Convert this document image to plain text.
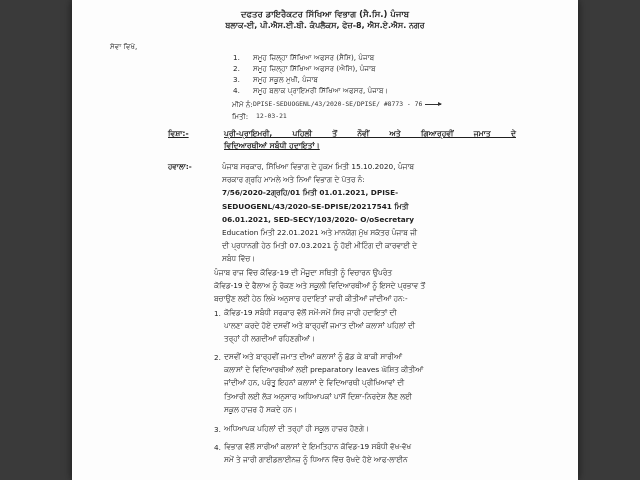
ਦਫਤਰ ਡਾਇਰੈਕਟਰ ਸਿੱਖਿਆ ਵਿਭਾਗ (ਸੈ.ਸਿ.) ਪੰਜਾਬ
ਬਲਾਕ-ਈ, ਪੀ.ਐਸ.ਈ.ਬੀ. ਕੰਪਲੈਕਸ, ਫੇਜ਼-8, ਐਸ.ਏ.ਐਸ. ਨਗਰ
ਸੇਵਾ ਵਿਖੇ,
1. ਸਮੂਹ ਜ਼ਿਲ੍ਹਾ ਸਿੱਖਿਆ ਅਫਸਰ (ਸੈਸਿ), ਪੰਜਾਬ
2. ਸਮੂਹ ਜ਼ਿਲ੍ਹਾ ਸਿੱਖਿਆ ਅਫਸਰ (ਐਸਿ), ਪੰਜਾਬ
3. ਸਮੂਹ ਸਕੂਲ ਮੁਖੀ, ਪੰਜਾਬ
4. ਸਮੂਹ ਬਲਾਕ ਪ੍ਰਾਇਮਰੀ ਸਿੱਖਿਆ ਅਫਸਰ, ਪੰਜਾਬ।
ਮੀਮੋ ਨੰ: DPISE-SEDUOGENL/43/2020-SE/DPISE/ #8773 - 76
ਮਿਤੀ: 12-03-21
ਵਿਸ਼ਾ:-	ਪ੍ਰੀ-ਪ੍ਰਾਇਮਰੀ, ਪਹਿਲੀ ਤੋਂ ਨੌਵੀਂ ਅਤੇ ਗਿਆਰ੍ਹਵੀਂ ਜਮਾਤ ਦੇ
ਵਿਦਿਆਰਥੀਆਂ ਸਬੰਧੀ ਹਦਾਇਤਾਂ।
ਹਵਾਲਾ:-	ਪੰਜਾਬ ਸਰਕਾਰ, ਸਿੱਖਿਆ ਵਿਭਾਗ ਦੇ ਹੁਕਮ ਮਿਤੀ 15.10.2020, ਪੰਜਾਬ
ਸਰਕਾਰ ਗ੍ਰਹਿ ਮਾਮਲੇ ਅਤੇ ਨਿਆਂ ਵਿਭਾਗ ਦੇ ਪੱਤਰ ਨੰ:
7/56/2020-2ਗ੍ਰਹਿ/01 ਮਿਤੀ 01.01.2021, DPISE-
SEDUOGENL/43/2020-SE-DPISE/20217541 ਮਿਤੀ
06.01.2021, SED-SECY/103/2020- O/oSecretary
Education ਮਿਤੀ 22.01.2021 ਅਤੇ ਮਾਨਯੋਗ ਮੁੱਖ ਸਕੱਤਰ ਪੰਜਾਬ ਜੀ
ਦੀ ਪ੍ਰਧਾਨਗੀ ਹੇਠ ਮਿਤੀ 07.03.2021 ਨੂੰ ਹੋਈ ਮੀਟਿੰਗ ਦੀ ਕਾਰਵਾਈ ਦੇ
ਸਬੰਧ ਵਿੱਚ।
ਪੰਜਾਬ ਰਾਜ ਵਿੱਚ ਕੋਵਿਡ-19 ਦੀ ਮੌਜੂਦਾ ਸਥਿਤੀ ਨੂੰ ਵਿਚਾਰਨ ਉਪਰੰਤ
ਕੋਵਿਡ-19 ਦੇ ਫੈਲਾਅ ਨੂੰ ਰੋਕਣ ਅਤੇ ਸਕੂਲੀ ਵਿਦਿਆਰਥੀਆਂ ਨੂੰ ਇਸਦੇ ਪ੍ਰਭਾਵ ਤੋਂ
ਬਚਾਉਣ ਲਈ ਹੇਠ ਲਿਖੇ ਅਨੁਸਾਰ ਹਦਾਇਤਾਂ ਜਾਰੀ ਕੀਤੀਆਂ ਜਾਂਦੀਆਂ ਹਨ:-
1. ਕੋਵਿਡ-19 ਸਬੰਧੀ ਸਰਕਾਰ ਵੱਲੋਂ ਸਮੇਂ-ਸਮੇਂ ਸਿਰ ਜਾਰੀ ਹਦਾਇਤਾਂ ਦੀ
ਪਾਲਣਾ ਕਰਦੇ ਹੋਏ ਦਸਵੀਂ ਅਤੇ ਬਾਰ੍ਹਵੀਂ ਜਮਾਤ ਦੀਆਂ ਕਲਾਸਾਂ ਪਹਿਲਾਂ ਦੀ
ਤਰ੍ਹਾਂ ਹੀ ਲਗਦੀਆਂ ਰਹਿਣਗੀਆਂ।
2. ਦਸਵੀਂ ਅਤੇ ਬਾਰ੍ਹਵੀਂ ਜਮਾਤ ਦੀਆਂ ਕਲਾਸਾਂ ਨੂੰ ਛੱਡ ਕੇ ਬਾਕੀ ਸਾਰੀਆਂ
ਕਲਾਸਾਂ ਦੇ ਵਿਦਿਆਰਥੀਆਂ ਲਈ preparatory leaves ਘੋਸ਼ਿਤ ਕੀਤੀਆਂ
ਜਾਂਦੀਆਂ ਹਨ, ਪਰੰਤੂ ਇਹਨਾਂ ਕਲਾਸਾਂ ਦੇ ਵਿਦਿਆਰਥੀ ਪ੍ਰੀਖਿਆਵਾਂ ਦੀ
ਤਿਆਰੀ ਲਈ ਲੋੜ ਅਨੁਸਾਰ ਅਧਿਆਪਕਾਂ ਪਾਸੋਂ ਦਿਸ਼ਾ-ਨਿਰਦੇਸ਼ ਲੈਣ ਲਈ
ਸਕੂਲ ਹਾਜ਼ਰ ਹੋ ਸਕਦੇ ਹਨ।
3. ਅਧਿਆਪਕ ਪਹਿਲਾਂ ਦੀ ਤਰ੍ਹਾਂ ਹੀ ਸਕੂਲ ਹਾਜ਼ਰ ਹੋਣਗੇ।
4. ਵਿਭਾਗ ਵੱਲੋਂ ਸਾਰੀਆਂ ਕਲਾਸਾਂ ਦੇ ਇਮਤਿਹਾਨ ਕੋਵਿਡ-19 ਸਬੰਧੀ ਵੱਖ-ਵੱਖ
ਸਮੇਂ ਤੇ ਜਾਰੀ ਗਾਈਡਲਾਈਨਜ਼ ਨੂੰ ਧਿਆਨ ਵਿੱਚ ਰੱਖਦੇ ਹੋਏ ਆਫ-ਲਾਈਨ
